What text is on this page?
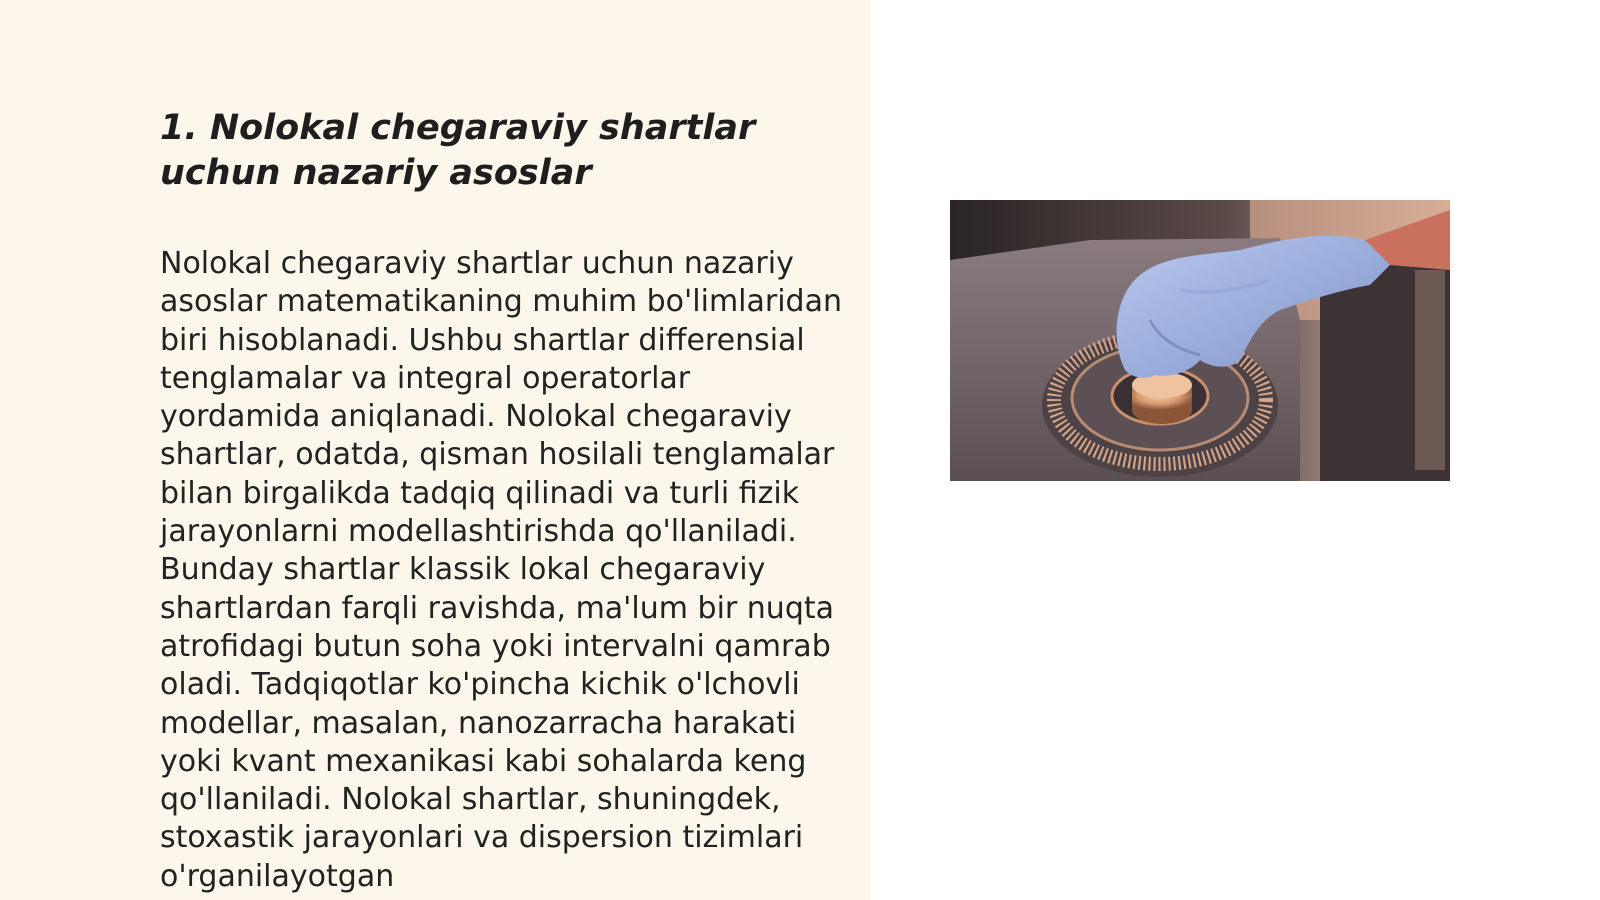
1. Nolokal chegaraviy shartlar uchun nazariy asoslar

Nolokal chegaraviy shartlar uchun nazariy asoslar matematikaning muhim bo'limlaridan biri hisoblanadi. Ushbu shartlar differensial tenglamalar va integral operatorlar yordamida aniqlanadi. Nolokal chegaraviy shartlar, odatda, qisman hosilali tenglamalar bilan birgalikda tadqiq qilinadi va turli fizik jarayonlarni modellashtirishda qo'llaniladi. Bunday shartlar klassik lokal chegaraviy shartlardan farqli ravishda, ma'lum bir nuqta atrofidagi butun soha yoki intervalni qamrab oladi. Tadqiqotlar ko'pincha kichik o'lchovli modellar, masalan, nanozarracha harakati yoki kvant mexanikasi kabi sohalarda keng qo'llaniladi. Nolokal shartlar, shuningdek, stoxastik jarayonlari va dispersion tizimlari o'rganilayotgan
